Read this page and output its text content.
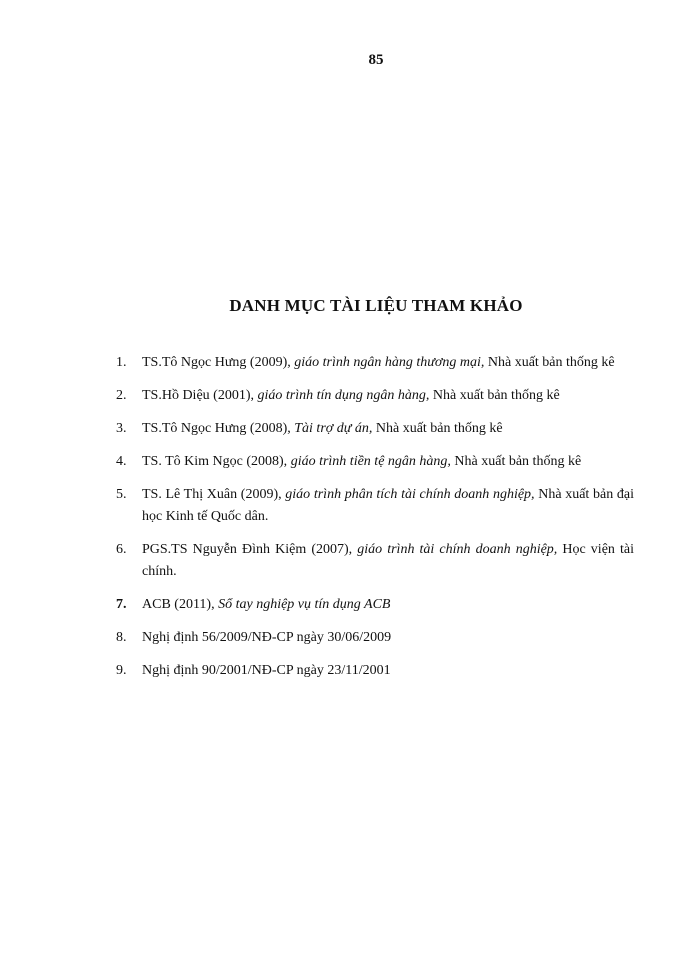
85
DANH MỤC TÀI LIỆU THAM KHẢO
1. TS.Tô Ngọc Hưng (2009), giáo trình ngân hàng thương mại, Nhà xuất bản thống kê
2. TS.Hồ Diệu (2001), giáo trình tín dụng ngân hàng, Nhà xuất bản thống kê
3. TS.Tô Ngọc Hưng (2008), Tài trợ dự án, Nhà xuất bản thống kê
4. TS. Tô Kim Ngọc (2008), giáo trình tiền tệ ngân hàng, Nhà xuất bản thống kê
5. TS. Lê Thị Xuân (2009), giáo trình phân tích tài chính doanh nghiệp, Nhà xuất bản đại học Kinh tế Quốc dân.
6. PGS.TS Nguyễn Đình Kiệm (2007), giáo trình tài chính doanh nghiệp, Học viện tài chính.
7. ACB (2011), Sổ tay nghiệp vụ tín dụng ACB
8. Nghị định 56/2009/NĐ-CP ngày 30/06/2009
9. Nghị định 90/2001/NĐ-CP ngày 23/11/2001
